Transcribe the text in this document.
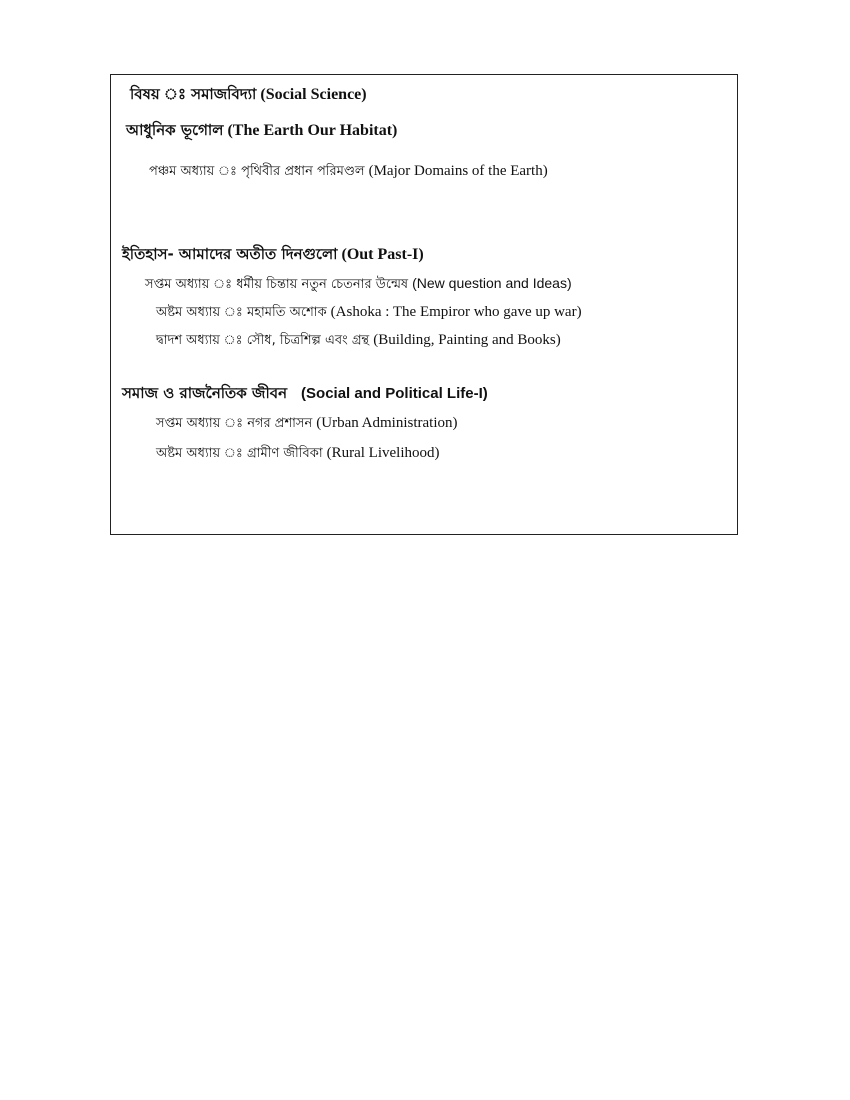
বিষয় ঃ সমাজবিদ্যা (Social Science)
আধুনিক ভূগোল (The Earth Our Habitat)
পঞ্চম অধ্যায় ঃ পৃথিবীর প্রধান পরিমণ্ডল (Major Domains of the Earth)
ইতিহাস- আমাদের অতীত দিনগুলো (Out Past-I)
সপ্তম অধ্যায় ঃ ধর্মীয় চিন্তায় নতুন চেতনার উন্মেষ (New question and Ideas)
অষ্টম অধ্যায় ঃ মহামতি অশোক (Ashoka : The Empiror who gave up war)
দ্বাদশ অধ্যায় ঃ সৌধ, চিত্রশিল্প এবং গ্রন্থ (Building, Painting and Books)
সমাজ ও রাজনৈতিক জীবন (Social and Political Life-I)
সপ্তম অধ্যায় ঃ নগর প্রশাসন (Urban Administration)
অষ্টম অধ্যায় ঃ গ্রামীণ জীবিকা (Rural Livelihood)
